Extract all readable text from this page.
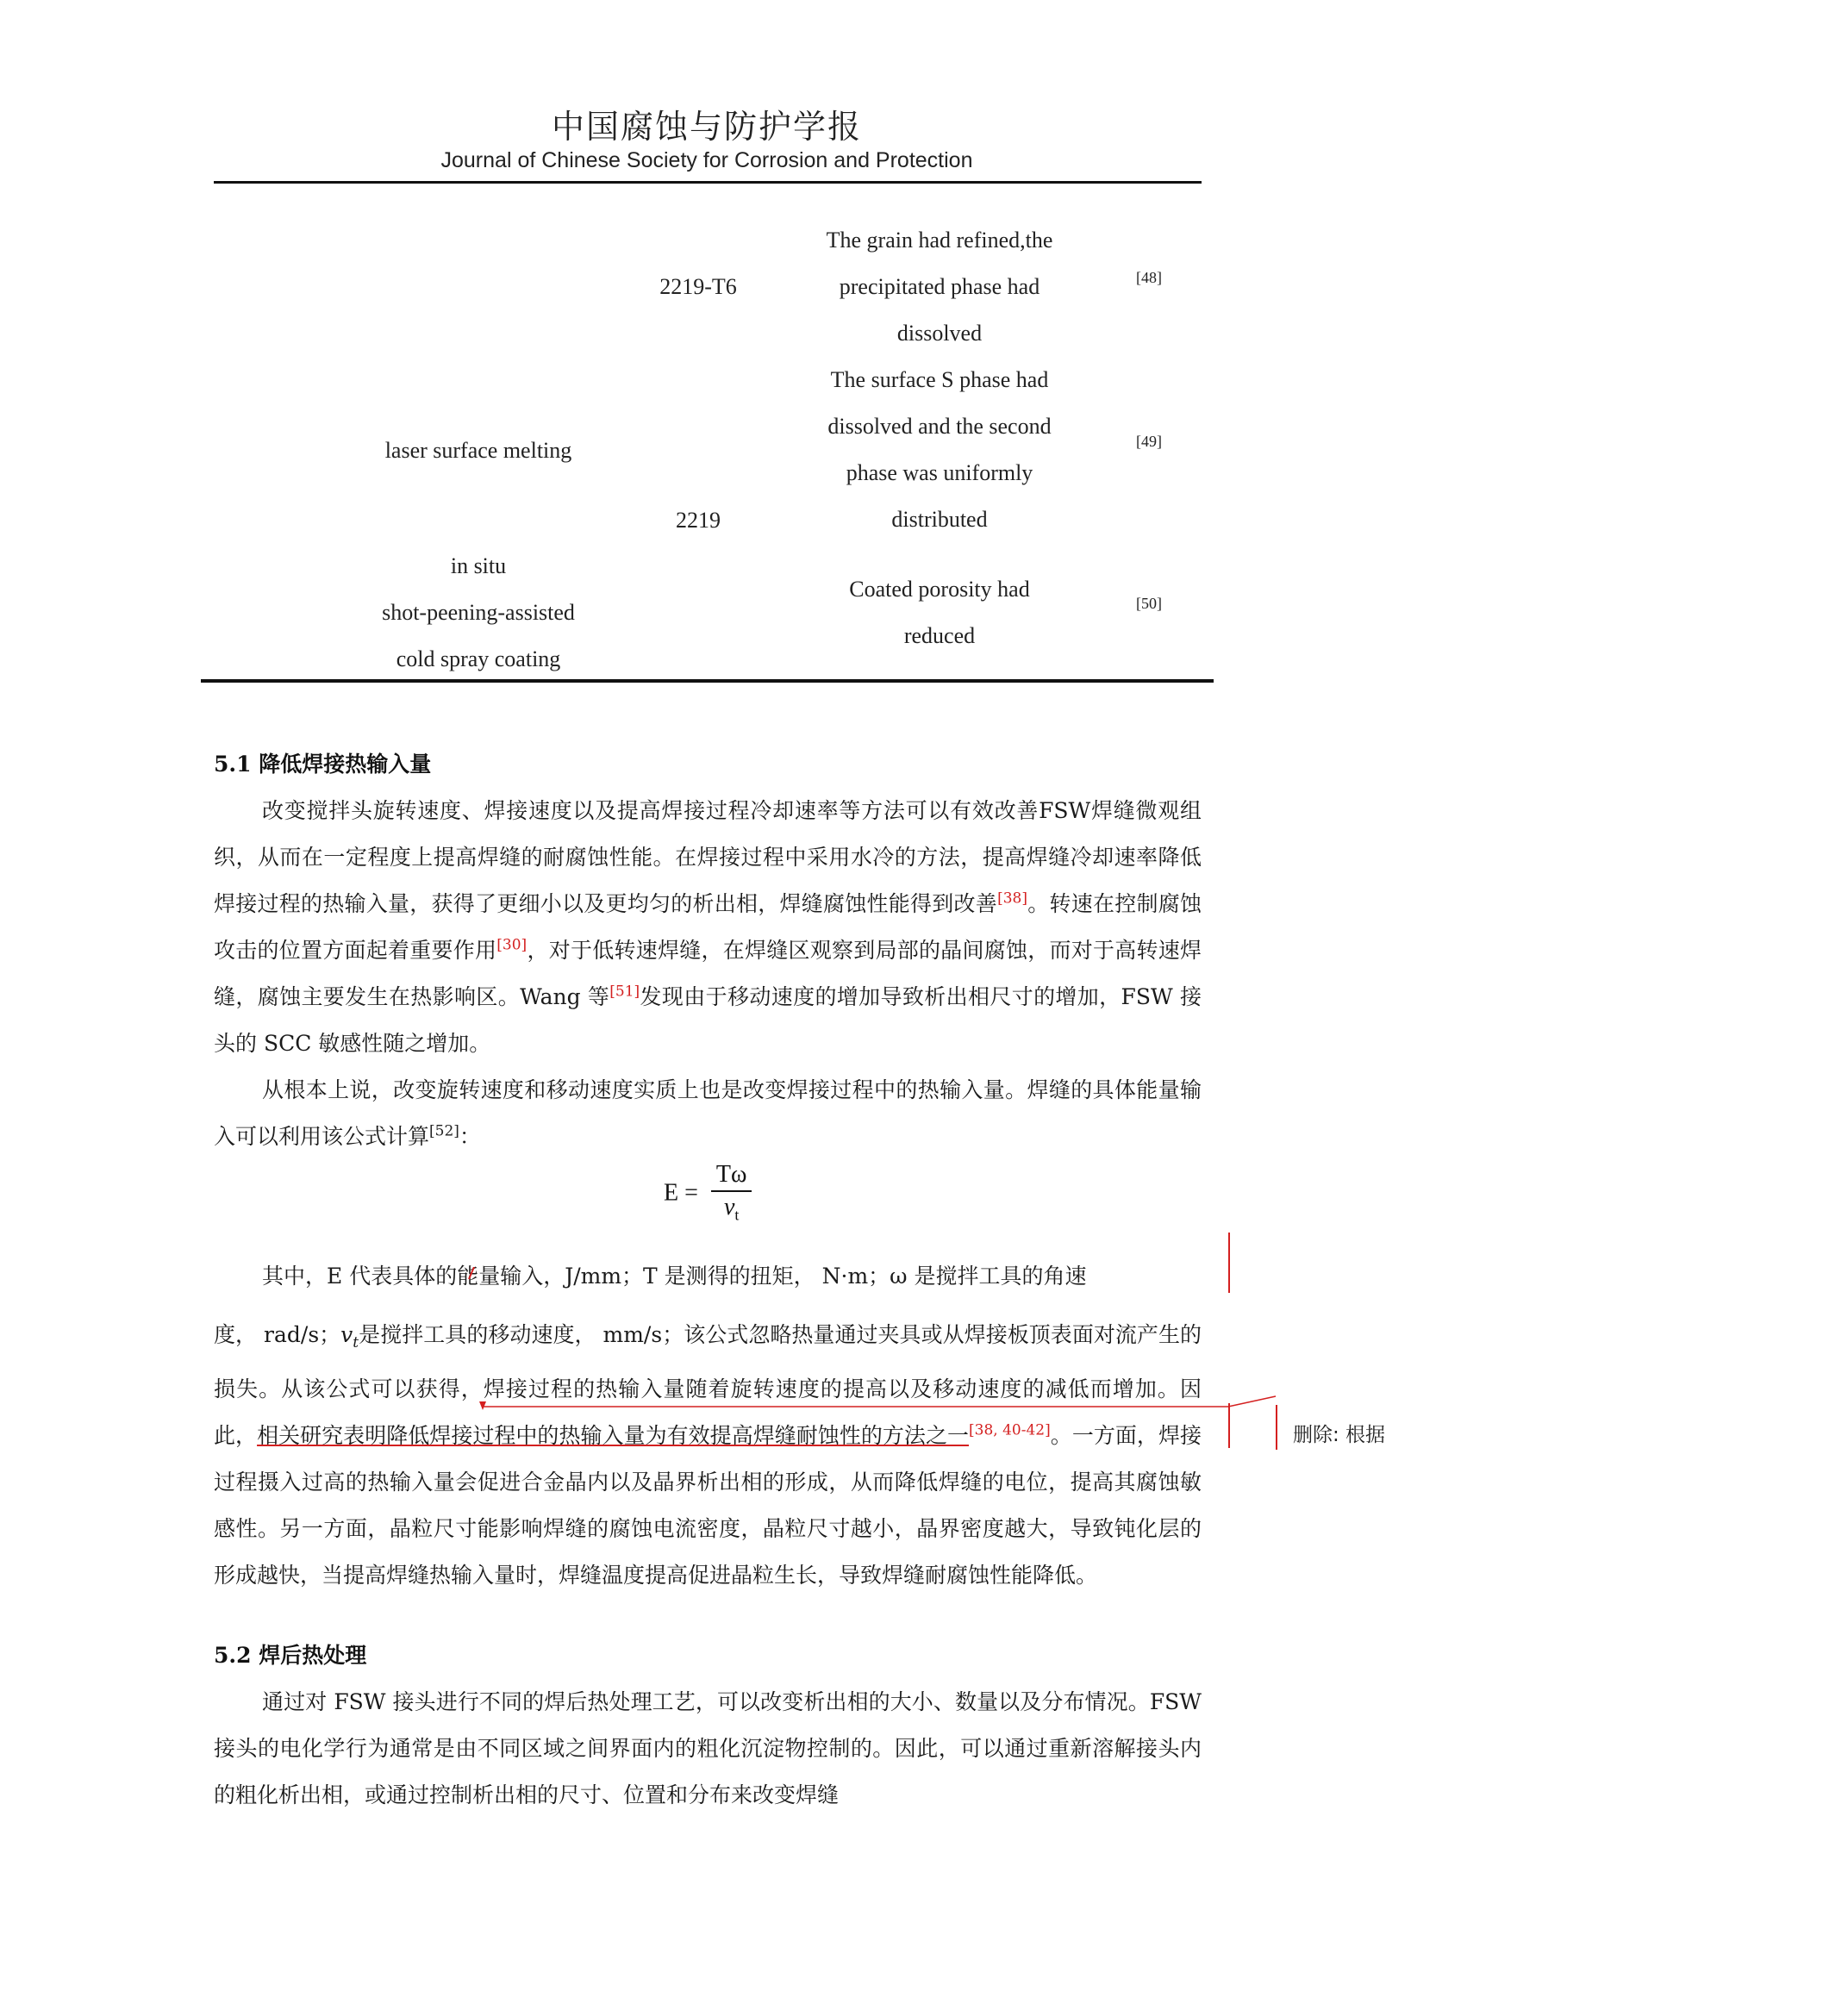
中国腐蚀与防护学报
Journal of Chinese Society for Corrosion and Protection
2219-T6
The grain had refined,the
precipitated phase had
dissolved
[48]
laser surface melting
The surface S phase had
dissolved and the second
phase was uniformly
distributed
[49]
2219
in situ
shot-peening-assisted
cold spray coating
Coated porosity had
reduced
[50]
5.1 降低焊接热输入量

改变搅拌头旋转速度、焊接速度以及提高焊接过程冷却速率等方法可以有效改善FSW焊缝微观组织，从而在一定程度上提高焊缝的耐腐蚀性能。在焊接过程中采用水冷的方法，提高焊缝冷却速率降低焊接过程的热输入量，获得了更细小以及更均匀的析出相，焊缝腐蚀性能得到改善[38]。转速在控制腐蚀攻击的位置方面起着重要作用[30]，对于低转速焊缝，在焊缝区观察到局部的晶间腐蚀，而对于高转速焊缝，腐蚀主要发生在热影响区。Wang 等[51]发现由于移动速度的增加导致析出相尺寸的增加，FSW 接头的 SCC 敏感性随之增加。

从根本上说，改变旋转速度和移动速度实质上也是改变焊接过程中的热输入量。焊缝的具体能量输入可以利用该公式计算[52]：

$E = \frac{T\omega}{v_t}$

其中，E 代表具体的能量输入，J/mm；T 是测得的扭矩， N·m；ω 是搅拌工具的角速

度， rad/s；$v_t$是搅拌工具的移动速度， mm/s；该公式忽略热量通过夹具或从焊接板顶表面对流产生的损失。从该公式可以获得，焊接过程的热输入量随着旋转速度的提高以及移动速度的减低而增加。因此，相关研究表明降低焊接过程中的热输入量为有效提高焊缝耐蚀性的方法之一[38, 40-42]。一方面，焊接过程摄入过高的热输入量会促进合金晶内以及晶界析出相的形成，从而降低焊缝的电位，提高其腐蚀敏感性。另一方面，晶粒尺寸能影响焊缝的腐蚀电流密度，晶粒尺寸越小，晶界密度越大，导致钝化层的形成越快，当提高焊缝热输入量时，焊缝温度提高促进晶粒生长，导致焊缝耐腐蚀性能降低。

5.2 焊后热处理

通过对 FSW 接头进行不同的焊后热处理工艺，可以改变析出相的大小、数量以及分布情况。FSW 接头的电化学行为通常是由不同区域之间界面内的粗化沉淀物控制的。因此，可以通过重新溶解接头内的粗化析出相，或通过控制析出相的尺寸、位置和分布来改变焊缝

删除: 根据
